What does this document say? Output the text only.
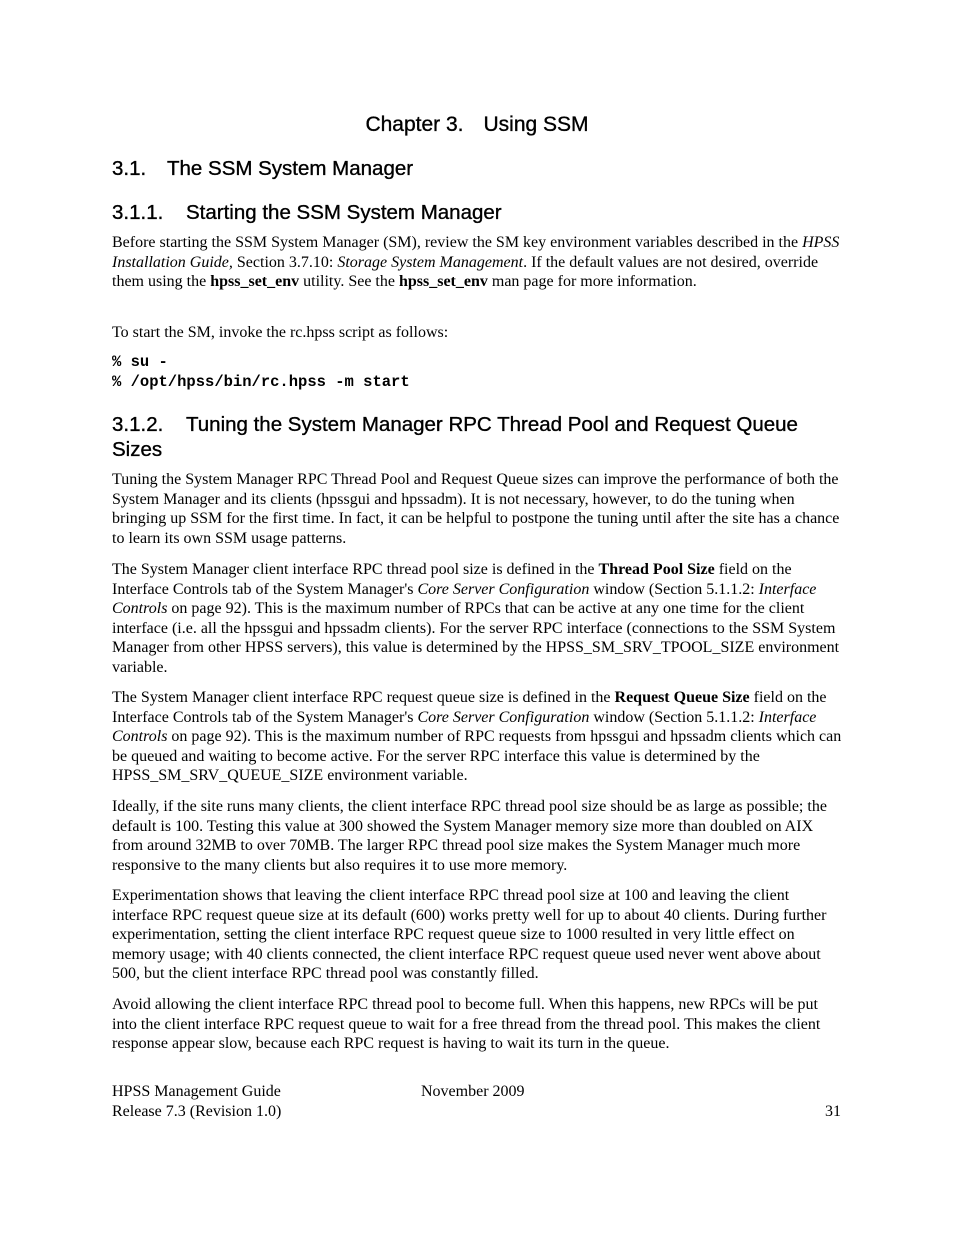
Chapter 3. Using SSM
3.1. The SSM System Manager
3.1.1. Starting the SSM System Manager

Before starting the SSM System Manager (SM), review the SM key environment variables described in the HPSS Installation Guide, Section 3.7.10: Storage System Management. If the default values are not desired, override them using the hpss_set_env utility. See the hpss_set_env man page for more information.

To start the SM, invoke the rc.hpss script as follows:

% su -
% /opt/hpss/bin/rc.hpss -m start
3.1.2. Tuning the System Manager RPC Thread Pool and Request Queue Sizes

Tuning the System Manager RPC Thread Pool and Request Queue sizes can improve the performance of both the System Manager and its clients (hpssgui and hpssadm). It is not necessary, however, to do the tuning when bringing up SSM for the first time. In fact, it can be helpful to postpone the tuning until after the site has a chance to learn its own SSM usage patterns.

The System Manager client interface RPC thread pool size is defined in the Thread Pool Size field on the Interface Controls tab of the System Manager's Core Server Configuration window (Section 5.1.1.2: Interface Controls on page 92). This is the maximum number of RPCs that can be active at any one time for the client interface (i.e. all the hpssgui and hpssadm clients). For the server RPC interface (connections to the SSM System Manager from other HPSS servers), this value is determined by the HPSS_SM_SRV_TPOOL_SIZE environment variable.

The System Manager client interface RPC request queue size is defined in the Request Queue Size field on the Interface Controls tab of the System Manager's Core Server Configuration window (Section 5.1.1.2: Interface Controls on page 92). This is the maximum number of RPC requests from hpssgui and hpssadm clients which can be queued and waiting to become active. For the server RPC interface this value is determined by the HPSS_SM_SRV_QUEUE_SIZE environment variable.

Ideally, if the site runs many clients, the client interface RPC thread pool size should be as large as possible; the default is 100. Testing this value at 300 showed the System Manager memory size more than doubled on AIX from around 32MB to over 70MB. The larger RPC thread pool size makes the System Manager much more responsive to the many clients but also requires it to use more memory.

Experimentation shows that leaving the client interface RPC thread pool size at 100 and leaving the client interface RPC request queue size at its default (600) works pretty well for up to about 40 clients. During further experimentation, setting the client interface RPC request queue size to 1000 resulted in very little effect on memory usage; with 40 clients connected, the client interface RPC request queue used never went above about 500, but the client interface RPC thread pool was constantly filled.

Avoid allowing the client interface RPC thread pool to become full. When this happens, new RPCs will be put into the client interface RPC request queue to wait for a free thread from the thread pool. This makes the client response appear slow, because each RPC request is having to wait its turn in the queue.

HPSS Management Guide	November 2009
Release 7.3 (Revision 1.0)	31
